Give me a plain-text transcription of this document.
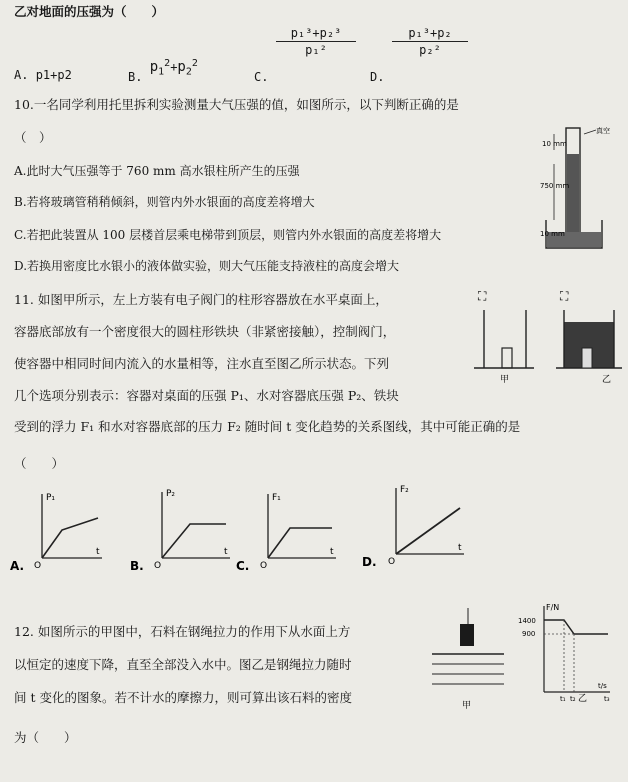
乙对地面的压强为（　　）
A. p1+p2	B. $p_1^2+p_2^2$
C.
p₁³+p₂³
p₁²
D.
p₁³+p₂
p₂²
10.一名同学利用托里拆利实验测量大气压强的值，如图所示，以下判断正确的是
（　）
A.此时大气压强等于 760 mm 高水银柱所产生的压强
B.若将玻璃管稍稍倾斜，则管内外水银面的高度差将增大
C.若把此装置从 100 层楼首层乘电梯带到顶层，则管内外水银面的高度差将增大
D.若换用密度比水银小的液体做实验，则大气压能支持液柱的高度会增大
10 mm
真空
750 mm
10 mm
11. 如图甲所示，左上方装有电子阀门的柱形容器放在水平桌面上，
容器底部放有一个密度很大的圆柱形铁块（非紧密接触），控制阀门，
使容器中相同时间内流入的水量相等，注水直至图乙所示状态。下列
几个选项分别表示：容器对桌面的压强 P₁、水对容器底压强 P₂、铁块
受到的浮力 F₁ 和水对容器底部的压力 F₂ 随时间 t 变化趋势的关系图线，其中可能正确的是
（　　）
⛶
甲
⛶
乙
P₁
t
O
A.
P₂
t
O
B.
F₁
t
O
C.
F₂
t
O
D.
12. 如图所示的甲图中，石料在钢绳拉力的作用下从水面上方
以恒定的速度下降，直至全部没入水中。图乙是钢绳拉力随时
间 t 变化的图象。若不计水的摩擦力，则可算出该石料的密度
为（　　）
甲
F/N
1400
900
t/s
t₁ t₂	t₃
乙
